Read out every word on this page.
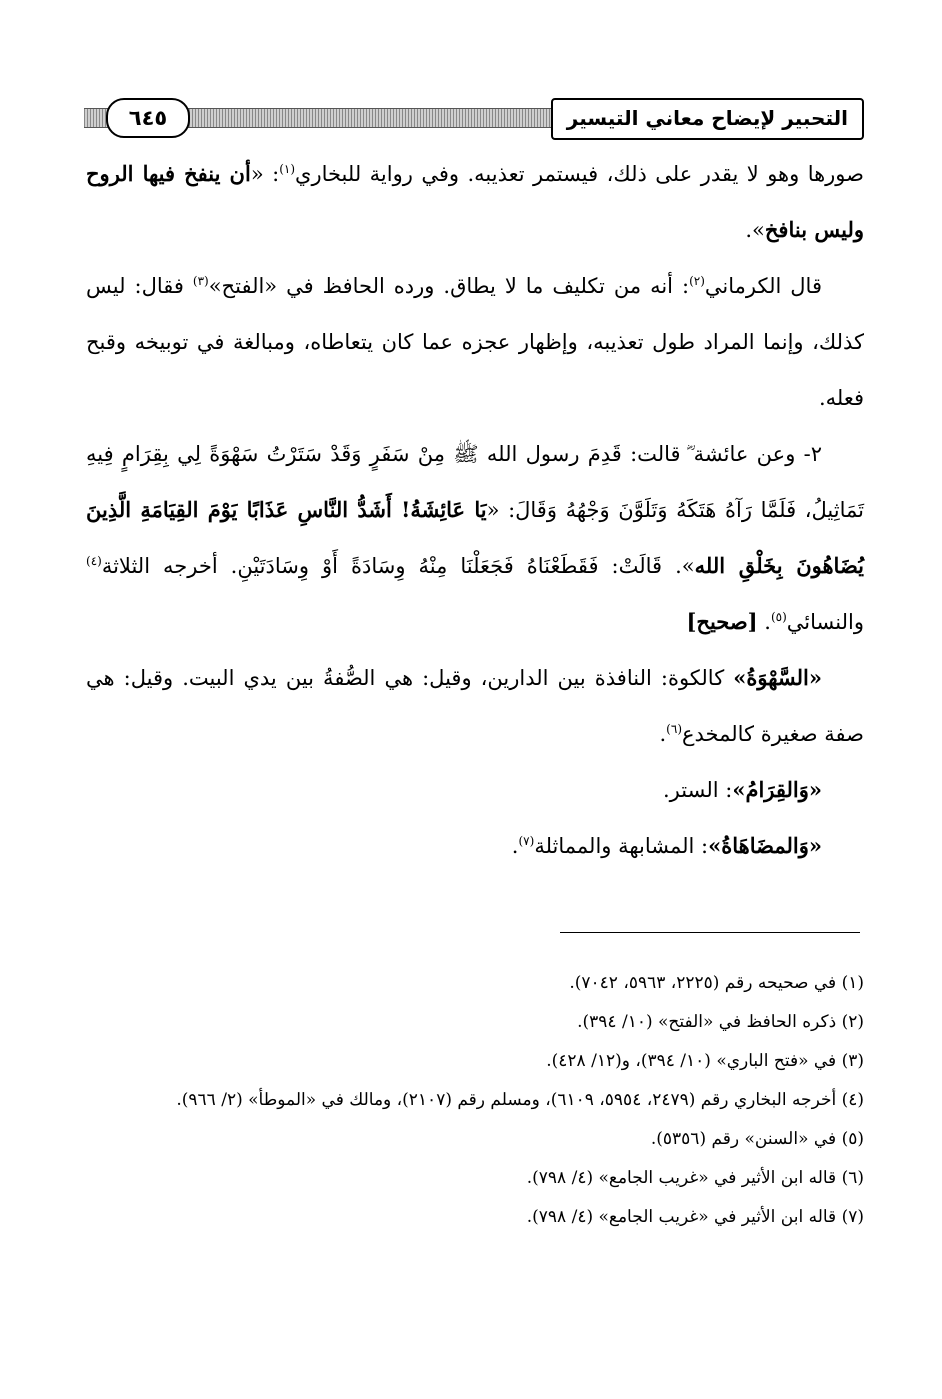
التحبير لإيضاح معاني التيسير
٦٤٥

صورها وهو لا يقدر على ذلك، فيستمر تعذيبه. وفي رواية للبخاري$^{(١)}$: «أن ينفخ فيها الروح وليس بنافخ».

قال الكرماني$^{(٢)}$: أنه من تكليف ما لا يطاق. ورده الحافظ في «الفتح»$^{(٣)}$ فقال: ليس كذلك، وإنما المراد طول تعذيبه، وإظهار عجزه عما كان يتعاطاه، ومبالغة في توبيخه وقبح فعله.

٢- وعن عائشة ؓ قالت: قَدِمَ رسول الله ﷺ مِنْ سَفَرٍ وَقَدْ سَتَرْتُ سَهْوَةً لِي بِقِرَامٍ فِيهِ تَمَاثِيلُ، فَلَمَّا رَآهُ هَتَكَهُ وَتَلَوَّنَ وَجْهُهُ وَقَالَ: «يَا عَائِشَةُ! أَشَدُّ النَّاسِ عَذَابًا يَوْمَ القِيَامَةِ الَّذِينَ يُضَاهُونَ بِخَلْقِ الله». قَالَتْ: فَقَطَعْنَاهُ فَجَعَلْنَا مِنْهُ وِسَادَةً أَوْ وِسَادَتَيْنِ. أخرجه الثلاثة$^{(٤)}$ والنسائي$^{(٥)}$. [صحيح]

«السَّهْوَةُ» كالكوة: النافذة بين الدارين، وقيل: هي الصُّفةُ بين يدي البيت. وقيل: هي صفة صغيرة كالمخدع$^{(٦)}$.

«وَالقِرَامُ»: الستر.

«وَالمضَاهَاةُ»: المشابهة والمماثلة$^{(٧)}$.

(١) في صحيحه رقم (٢٢٢٥، ٥٩٦٣، ٧٠٤٢).

(٢) ذكره الحافظ في «الفتح» (١٠/ ٣٩٤).

(٣) في «فتح الباري» (١٠/ ٣٩٤)، و(١٢/ ٤٢٨).

(٤) أخرجه البخاري رقم (٢٤٧٩، ٥٩٥٤، ٦١٠٩)، ومسلم رقم (٢١٠٧)، ومالك في «الموطأ» (٢/ ٩٦٦).

(٥) في «السنن» رقم (٥٣٥٦).

(٦) قاله ابن الأثير في «غريب الجامع» (٤/ ٧٩٨).

(٧) قاله ابن الأثير في «غريب الجامع» (٤/ ٧٩٨).
